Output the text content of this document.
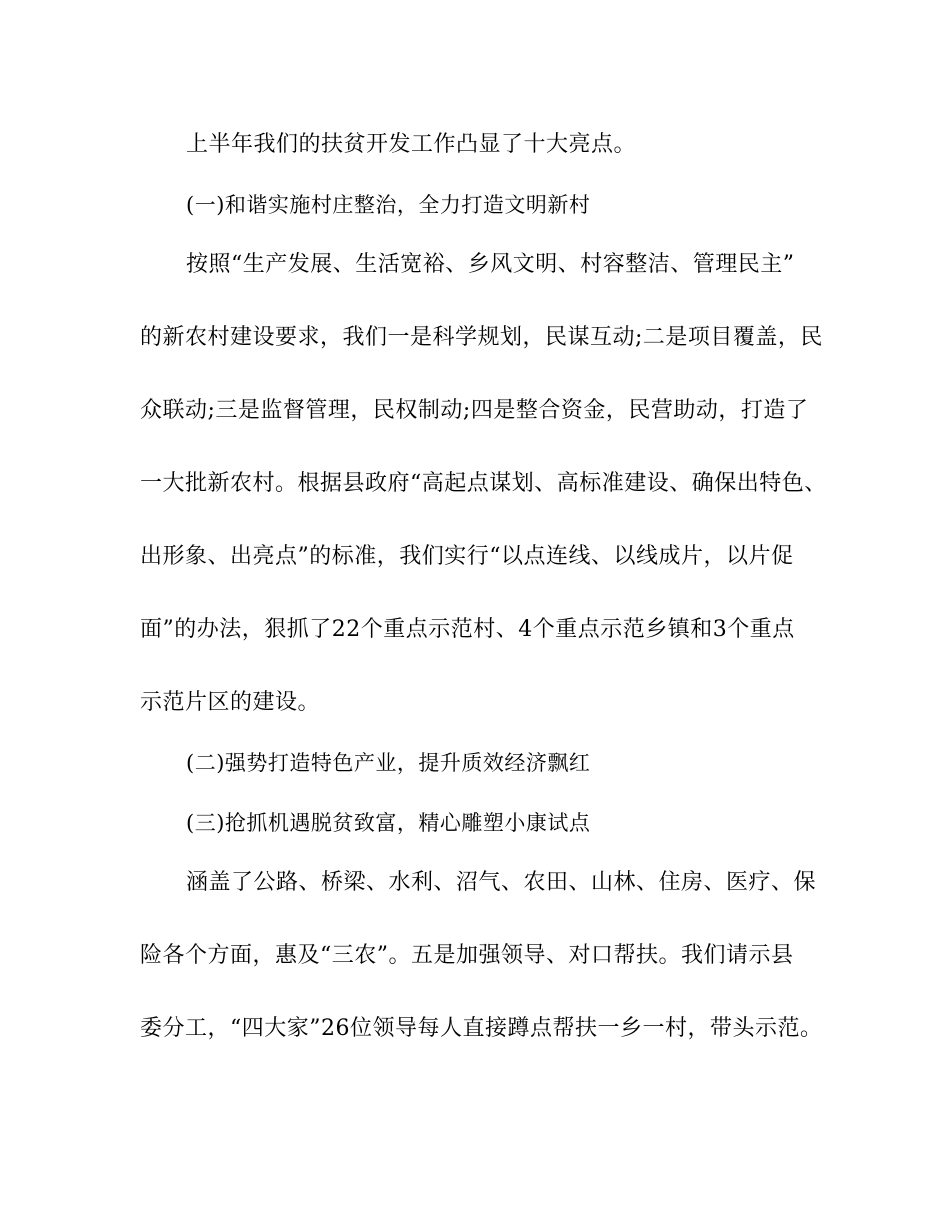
上半年我们的扶贫开发工作凸显了十大亮点。
(一)和谐实施村庄整治，全力打造文明新村
按照“生产发展、生活宽裕、乡风文明、村容整洁、管理民主”
的新农村建设要求，我们一是科学规划，民谋互动;二是项目覆盖，民
众联动;三是监督管理，民权制动;四是整合资金，民营助动，打造了
一大批新农村。根据县政府“高起点谋划、高标准建设、确保出特色、
出形象、出亮点”的标准，我们实行“以点连线、以线成片，以片促
面”的办法，狠抓了22个重点示范村、4个重点示范乡镇和3个重点
示范片区的建设。
(二)强势打造特色产业，提升质效经济飘红
(三)抢抓机遇脱贫致富，精心雕塑小康试点
涵盖了公路、桥梁、水利、沼气、农田、山林、住房、医疗、保
险各个方面，惠及“三农”。五是加强领导、对口帮扶。我们请示县
委分工，“四大家”26位领导每人直接蹲点帮扶一乡一村，带头示范。
